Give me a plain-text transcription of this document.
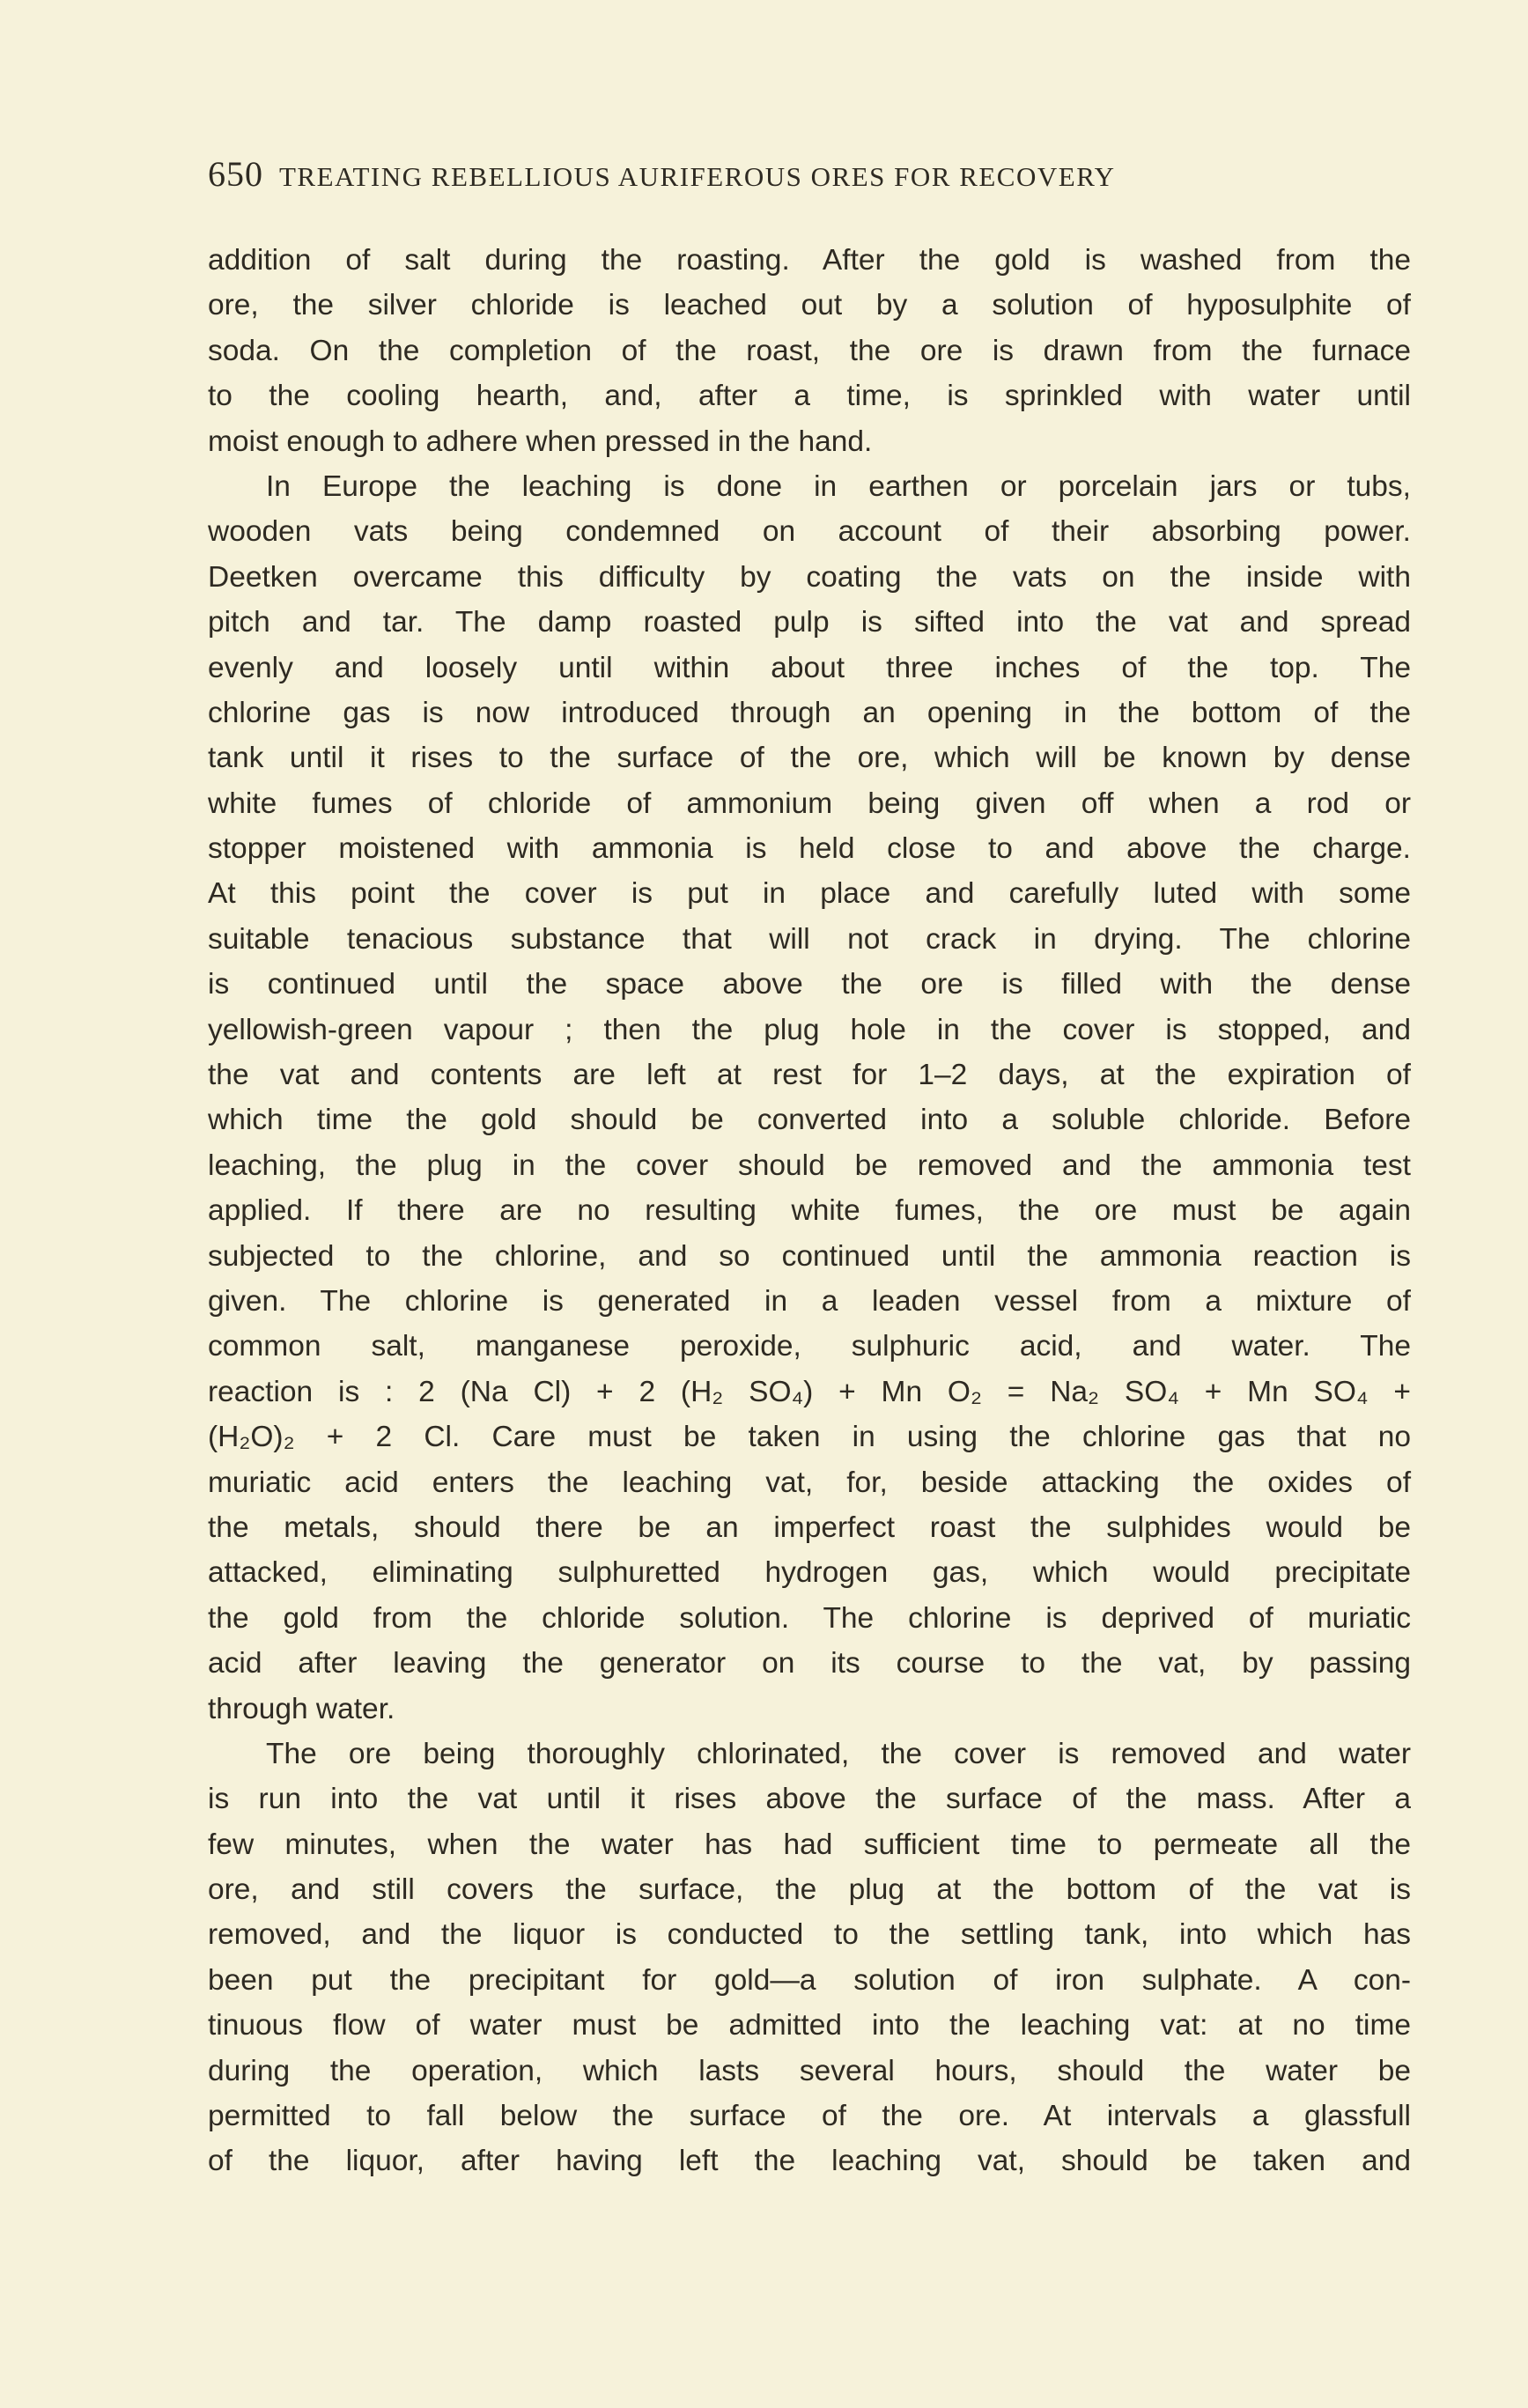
650 TREATING REBELLIOUS AURIFEROUS ORES FOR RECOVERY
addition of salt during the roasting. After the gold is washed from the
ore, the silver chloride is leached out by a solution of hyposulphite of
soda. On the completion of the roast, the ore is drawn from the furnace
to the cooling hearth, and, after a time, is sprinkled with water until
moist enough to adhere when pressed in the hand.
In Europe the leaching is done in earthen or porcelain jars or tubs,
wooden vats being condemned on account of their absorbing power.
Deetken overcame this difficulty by coating the vats on the inside with
pitch and tar. The damp roasted pulp is sifted into the vat and spread
evenly and loosely until within about three inches of the top. The
chlorine gas is now introduced through an opening in the bottom of the
tank until it rises to the surface of the ore, which will be known by dense
white fumes of chloride of ammonium being given off when a rod or
stopper moistened with ammonia is held close to and above the charge.
At this point the cover is put in place and carefully luted with some
suitable tenacious substance that will not crack in drying. The chlorine
is continued until the space above the ore is filled with the dense
yellowish-green vapour ; then the plug hole in the cover is stopped, and
the vat and contents are left at rest for 1–2 days, at the expiration of
which time the gold should be converted into a soluble chloride. Before
leaching, the plug in the cover should be removed and the ammonia test
applied. If there are no resulting white fumes, the ore must be again
subjected to the chlorine, and so continued until the ammonia reaction is
given. The chlorine is generated in a leaden vessel from a mixture of
common salt, manganese peroxide, sulphuric acid, and water. The
reaction is : 2 (Na Cl) + 2 (H₂ SO₄) + Mn O₂ = Na₂ SO₄ + Mn SO₄ +
(H₂O)₂ + 2 Cl. Care must be taken in using the chlorine gas that no
muriatic acid enters the leaching vat, for, beside attacking the oxides of
the metals, should there be an imperfect roast the sulphides would be
attacked, eliminating sulphuretted hydrogen gas, which would precipitate
the gold from the chloride solution. The chlorine is deprived of muriatic
acid after leaving the generator on its course to the vat, by passing
through water.
The ore being thoroughly chlorinated, the cover is removed and water
is run into the vat until it rises above the surface of the mass. After a
few minutes, when the water has had sufficient time to permeate all the
ore, and still covers the surface, the plug at the bottom of the vat is
removed, and the liquor is conducted to the settling tank, into which has
been put the precipitant for gold—a solution of iron sulphate. A con-
tinuous flow of water must be admitted into the leaching vat: at no time
during the operation, which lasts several hours, should the water be
permitted to fall below the surface of the ore. At intervals a glassfull
of the liquor, after having left the leaching vat, should be taken and
